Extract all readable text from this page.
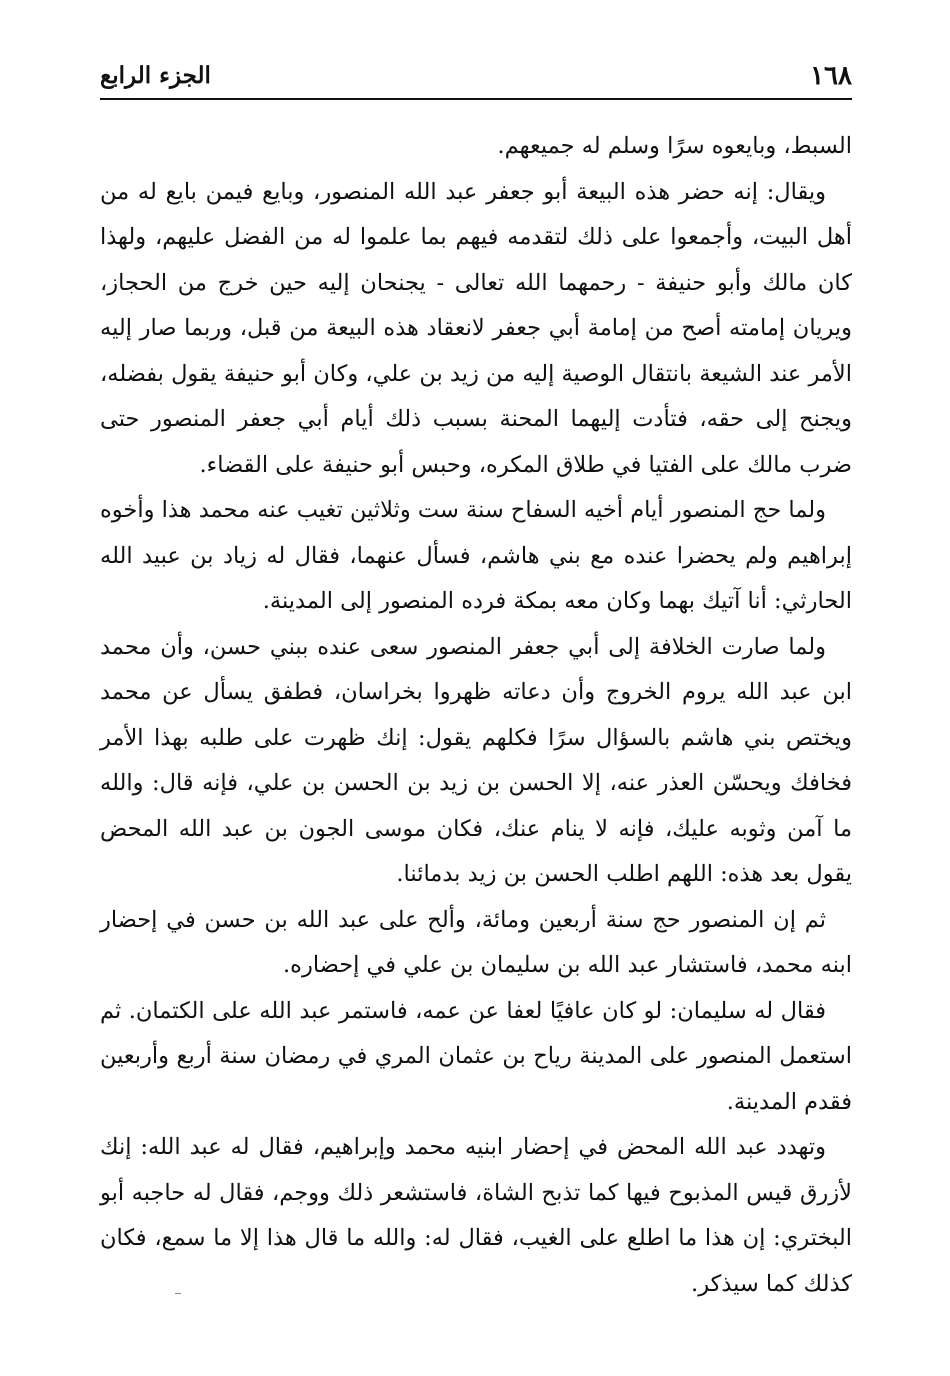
١٦٨
الجزء الرابع

السبط، وبايعوه سرًا وسلم له جميعهم.

ويقال: إنه حضر هذه البيعة أبو جعفر عبد الله المنصور، وبايع فيمن بايع له من أهل البيت، وأجمعوا على ذلك لتقدمه فيهم بما علموا له من الفضل عليهم، ولهذا كان مالك وأبو حنيفة - رحمهما الله تعالى - يجنحان إليه حين خرج من الحجاز، ويريان إمامته أصح من إمامة أبي جعفر لانعقاد هذه البيعة من قبل، وربما صار إليه الأمر عند الشيعة بانتقال الوصية إليه من زيد بن علي، وكان أبو حنيفة يقول بفضله، ويجنح إلى حقه، فتأدت إليهما المحنة بسبب ذلك أيام أبي جعفر المنصور حتى ضرب مالك على الفتيا في طلاق المكره، وحبس أبو حنيفة على القضاء.

ولما حج المنصور أيام أخيه السفاح سنة ست وثلاثين تغيب عنه محمد هذا وأخوه إبراهيم ولم يحضرا عنده مع بني هاشم، فسأل عنهما، فقال له زياد بن عبيد الله الحارثي: أنا آتيك بهما وكان معه بمكة فرده المنصور إلى المدينة.

ولما صارت الخلافة إلى أبي جعفر المنصور سعى عنده ببني حسن، وأن محمد ابن عبد الله يروم الخروج وأن دعاته ظهروا بخراسان، فطفق يسأل عن محمد ويختص بني هاشم بالسؤال سرًا فكلهم يقول: إنك ظهرت على طلبه بهذا الأمر فخافك ويحسّن العذر عنه، إلا الحسن بن زيد بن الحسن بن علي، فإنه قال: والله ما آمن وثوبه عليك، فإنه لا ينام عنك، فكان موسى الجون بن عبد الله المحض يقول بعد هذه: اللهم اطلب الحسن بن زيد بدمائنا.

ثم إن المنصور حج سنة أربعين ومائة، وألح على عبد الله بن حسن في إحضار ابنه محمد، فاستشار عبد الله بن سليمان بن علي في إحضاره.

فقال له سليمان: لو كان عافيًا لعفا عن عمه، فاستمر عبد الله على الكتمان. ثم استعمل المنصور على المدينة رياح بن عثمان المري في رمضان سنة أربع وأربعين فقدم المدينة.

وتهدد عبد الله المحض في إحضار ابنيه محمد وإبراهيم، فقال له عبد الله: إنك لأزرق قيس المذبوح فيها كما تذبح الشاة، فاستشعر ذلك ووجم، فقال له حاجبه أبو البختري: إن هذا ما اطلع على الغيب، فقال له: والله ما قال هذا إلا ما سمع، فكان كذلك كما سيذكر.
